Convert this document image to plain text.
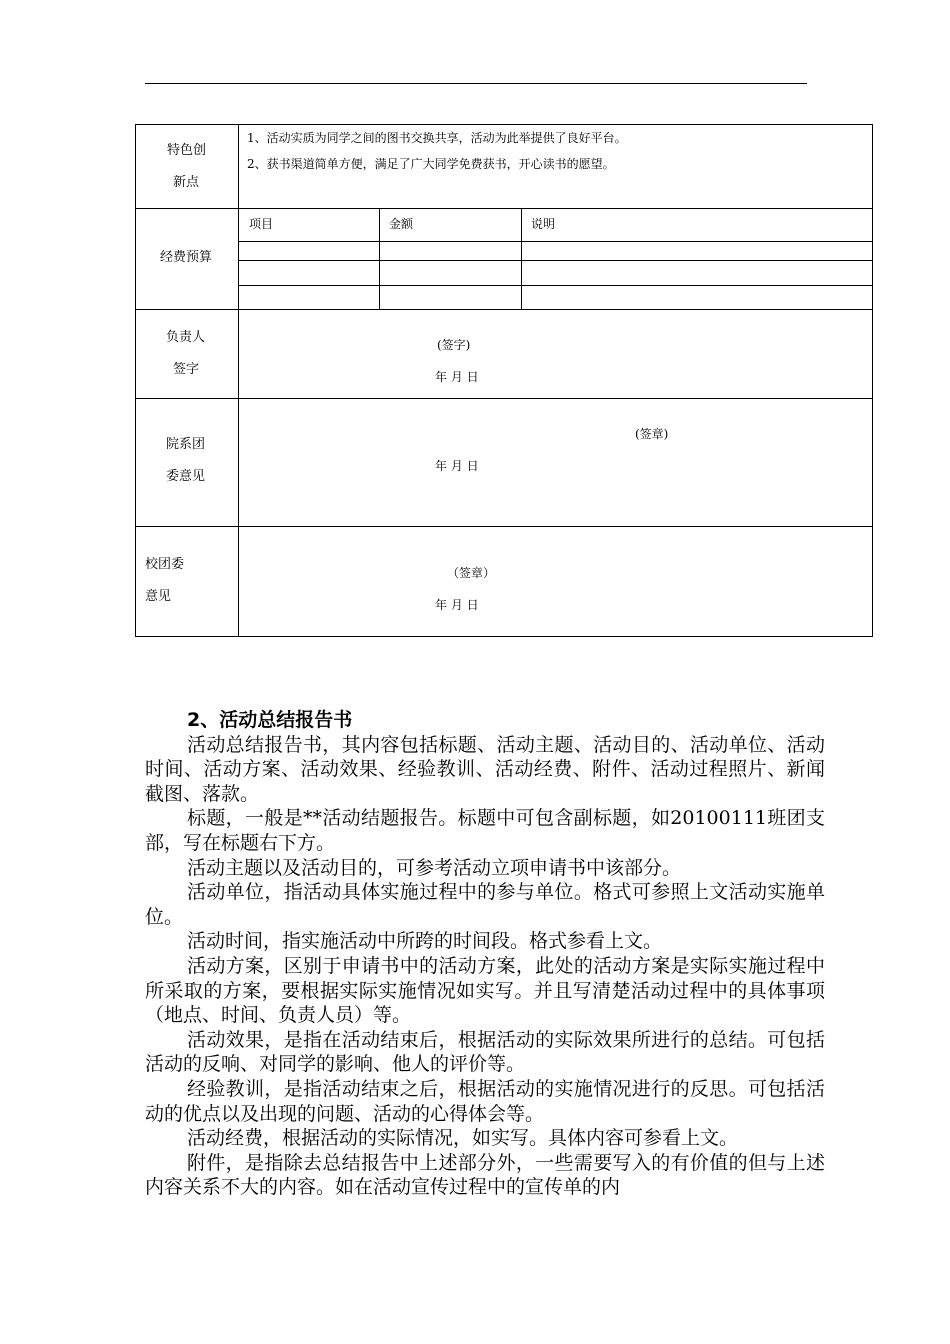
特色创
新点
1、活动实质为同学之间的图书交换共享，活动为此举提供了良好平台。
2、获书渠道简单方便，满足了广大同学免费获书，开心读书的愿望。
经费预算
项目	金额	说明
负责人
签字
(签字)
年 月 日
院系团
委意见
(签章)
年 月 日
校团委
意见
（签章）
年 月 日

2、活动总结报告书

活动总结报告书，其内容包括标题、活动主题、活动目的、活动单位、活动时间、活动方案、活动效果、经验教训、活动经费、附件、活动过程照片、新闻截图、落款。

标题，一般是**活动结题报告。标题中可包含副标题，如20100111班团支部，写在标题右下方。

活动主题以及活动目的，可参考活动立项申请书中该部分。

活动单位，指活动具体实施过程中的参与单位。格式可参照上文活动实施单位。

活动时间，指实施活动中所跨的时间段。格式参看上文。

活动方案，区别于申请书中的活动方案，此处的活动方案是实际实施过程中所采取的方案，要根据实际实施情况如实写。并且写清楚活动过程中的具体事项（地点、时间、负责人员）等。

活动效果，是指在活动结束后，根据活动的实际效果所进行的总结。可包括活动的反响、对同学的影响、他人的评价等。

经验教训，是指活动结束之后，根据活动的实施情况进行的反思。可包括活动的优点以及出现的问题、活动的心得体会等。

活动经费，根据活动的实际情况，如实写。具体内容可参看上文。

附件，是指除去总结报告中上述部分外，一些需要写入的有价值的但与上述内容关系不大的内容。如在活动宣传过程中的宣传单的内
